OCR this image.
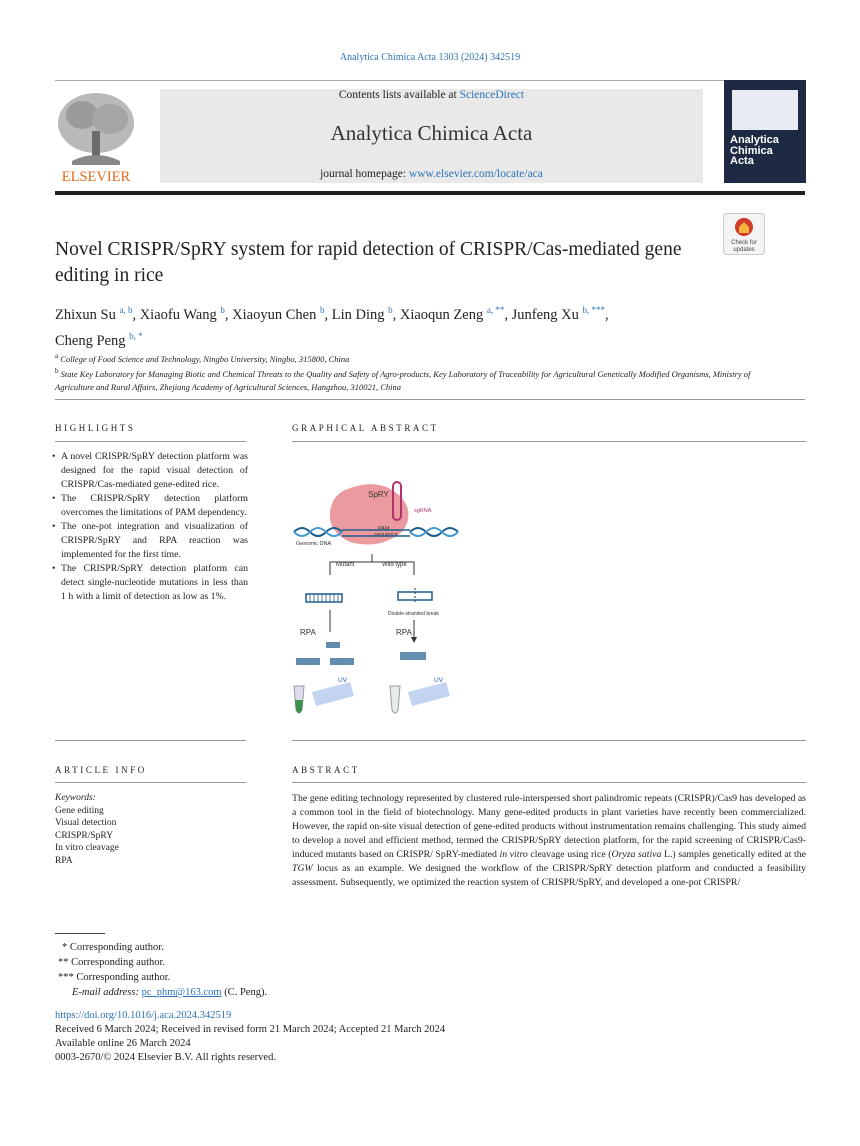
Analytica Chimica Acta 1303 (2024) 342519
ELSEVIER
Contents lists available at ScienceDirect
Analytica Chimica Acta
journal homepage: www.elsevier.com/locate/aca
Analytica
Chimica
Acta
Novel CRISPR/SpRY system for rapid detection of CRISPR/Cas-mediated gene editing in rice
Check for
updates
Zhixun Su $^{a, b}$, Xiaofu Wang $^b$, Xiaoyun Chen $^b$, Lin Ding $^b$, Xiaoqun Zeng $^{a, **}$, Junfeng Xu $^{b, ***}$,
Cheng Peng $^{b, *}$
$^a$ College of Food Science and Technology, Ningbo University, Ningbo, 315800, China
$^b$ State Key Laboratory for Managing Biotic and Chemical Threats to the Quality and Safety of Agro-products, Key Laboratory of Traceability for Agricultural Genetically Modified Organisms, Ministry of Agriculture and Rural Affairs, Zhejiang Academy of Agricultural Sciences, Hangzhou, 310021, China
HIGHLIGHTS
• A novel CRISPR/SpRY detection platform was designed for the rapid visual detection of CRISPR/Cas-mediated gene-edited rice.
• The CRISPR/SpRY detection platform overcomes the limitations of PAM dependency.
• The one-pot integration and visualization of CRISPR/SpRY and RPA reaction was implemented for the first time.
• The CRISPR/SpRY detection platform can detect single-nucleotide mutations in less than 1 h with a limit of detection as low as 1%.
GRAPHICAL ABSTRACT
SpRY
sgRNA
PAM
sequence
Genomic DNA
Mutant	Wild type
Double-stranded break
RPA	RPA
UV	UV
ARTICLE INFO
Keywords:
Gene editing
Visual detection
CRISPR/SpRY
In vitro cleavage
RPA
ABSTRACT
The gene editing technology represented by clustered rule-interspersed short palindromic repeats (CRISPR)/Cas9 has developed as a common tool in the field of biotechnology. Many gene-edited products in plant varieties have recently been commercialized. However, the rapid on-site visual detection of gene-edited products without instrumentation remains challenging. This study aimed to develop a novel and efficient method, termed the CRISPR/SpRY detection platform, for the rapid screening of CRISPR/Cas9-induced mutants based on CRISPR/ SpRY-mediated in vitro cleavage using rice (Oryza sativa L.) samples genetically edited at the TGW locus as an example. We designed the workflow of the CRISPR/SpRY detection platform and conducted a feasibility assessment. Subsequently, we optimized the reaction system of CRISPR/SpRY, and developed a one-pot CRISPR/
* Corresponding author.
** Corresponding author.
*** Corresponding author.
E-mail address: pc_phm@163.com (C. Peng).
https://doi.org/10.1016/j.aca.2024.342519
Received 6 March 2024; Received in revised form 21 March 2024; Accepted 21 March 2024
Available online 26 March 2024
0003-2670/© 2024 Elsevier B.V. All rights reserved.
